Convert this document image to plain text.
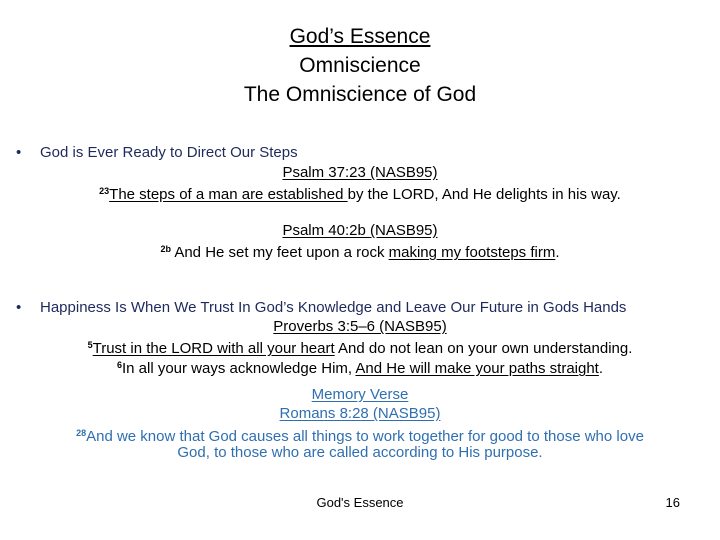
God’s Essence
Omniscience
The Omniscience of God
• God is Ever Ready to Direct Our Steps
Psalm 37:23 (NASB95)
$^{23}$The steps of a man are established by the LORD, And He delights in his way.
Psalm 40:2b (NASB95)
$^{2b}$ And He set my feet upon a rock making my footsteps firm.
• Happiness Is When We Trust In God’s Knowledge and Leave Our Future in Gods Hands
Proverbs 3:5–6 (NASB95)
$^5$Trust in the LORD with all your heart And do not lean on your own understanding.
$^6$In all your ways acknowledge Him, And He will make your paths straight.
Memory Verse
Romans 8:28 (NASB95)
$^{28}$And we know that God causes all things to work together for good to those who love
God, to those who are called according to His purpose.
God's Essence	16
